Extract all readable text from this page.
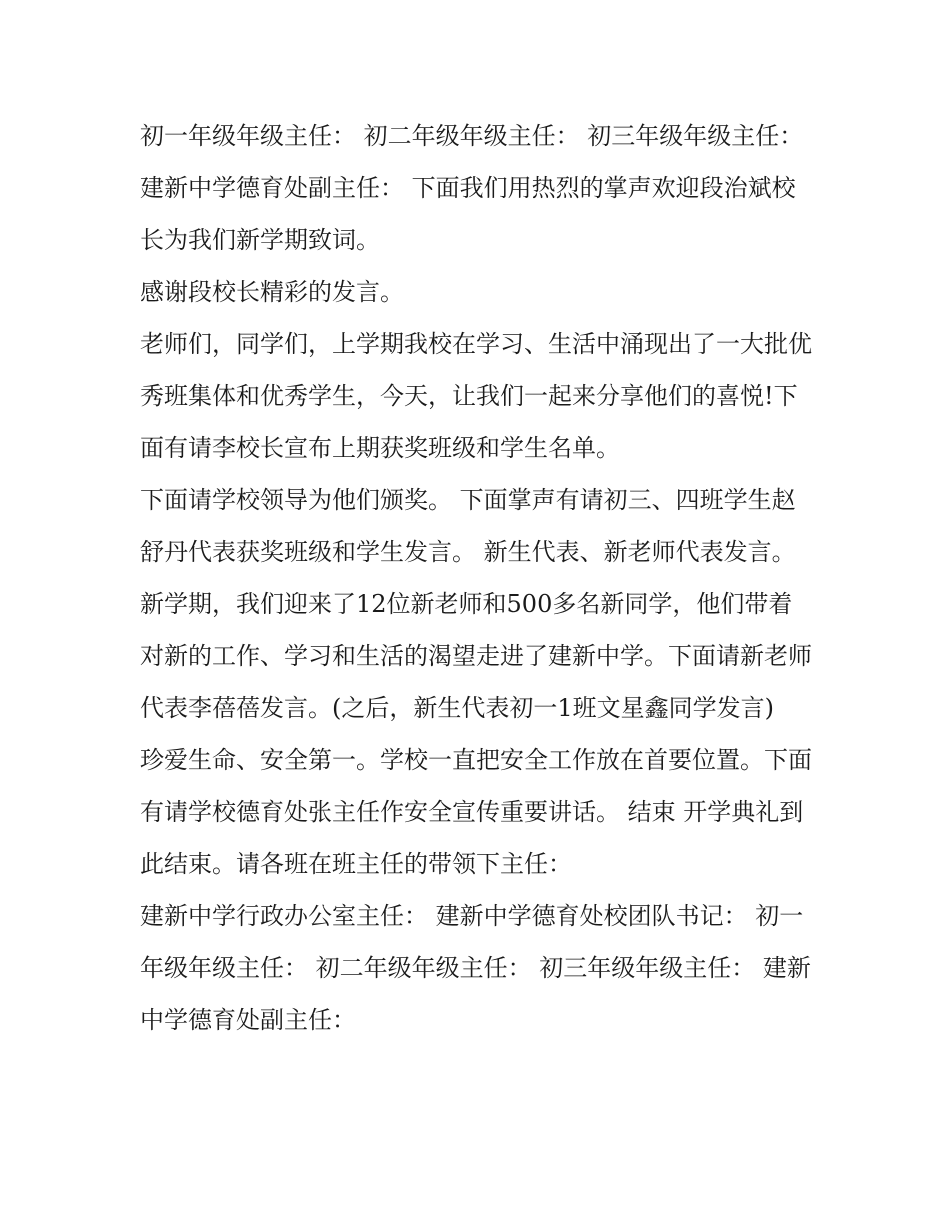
初一年级年级主任： 初二年级年级主任： 初三年级年级主任： 建新中学德育处副主任： 下面我们用热烈的掌声欢迎段治斌校长为我们新学期致词。

感谢段校长精彩的发言。

老师们，同学们，上学期我校在学习、生活中涌现出了一大批优秀班集体和优秀学生，今天，让我们一起来分享他们的喜悦!下面有请李校长宣布上期获奖班级和学生名单。

下面请学校领导为他们颁奖。 下面掌声有请初三、四班学生赵舒丹代表获奖班级和学生发言。 新生代表、新老师代表发言。

新学期，我们迎来了12位新老师和500多名新同学，他们带着对新的工作、学习和生活的渴望走进了建新中学。下面请新老师代表李蓓蓓发言。(之后，新生代表初一1班文星鑫同学发言)

珍爱生命、安全第一。学校一直把安全工作放在首要位置。下面有请学校德育处张主任作安全宣传重要讲话。 结束 开学典礼到此结束。请各班在班主任的带领下主任：

建新中学行政办公室主任： 建新中学德育处校团队书记： 初一年级年级主任： 初二年级年级主任： 初三年级年级主任： 建新中学德育处副主任：
